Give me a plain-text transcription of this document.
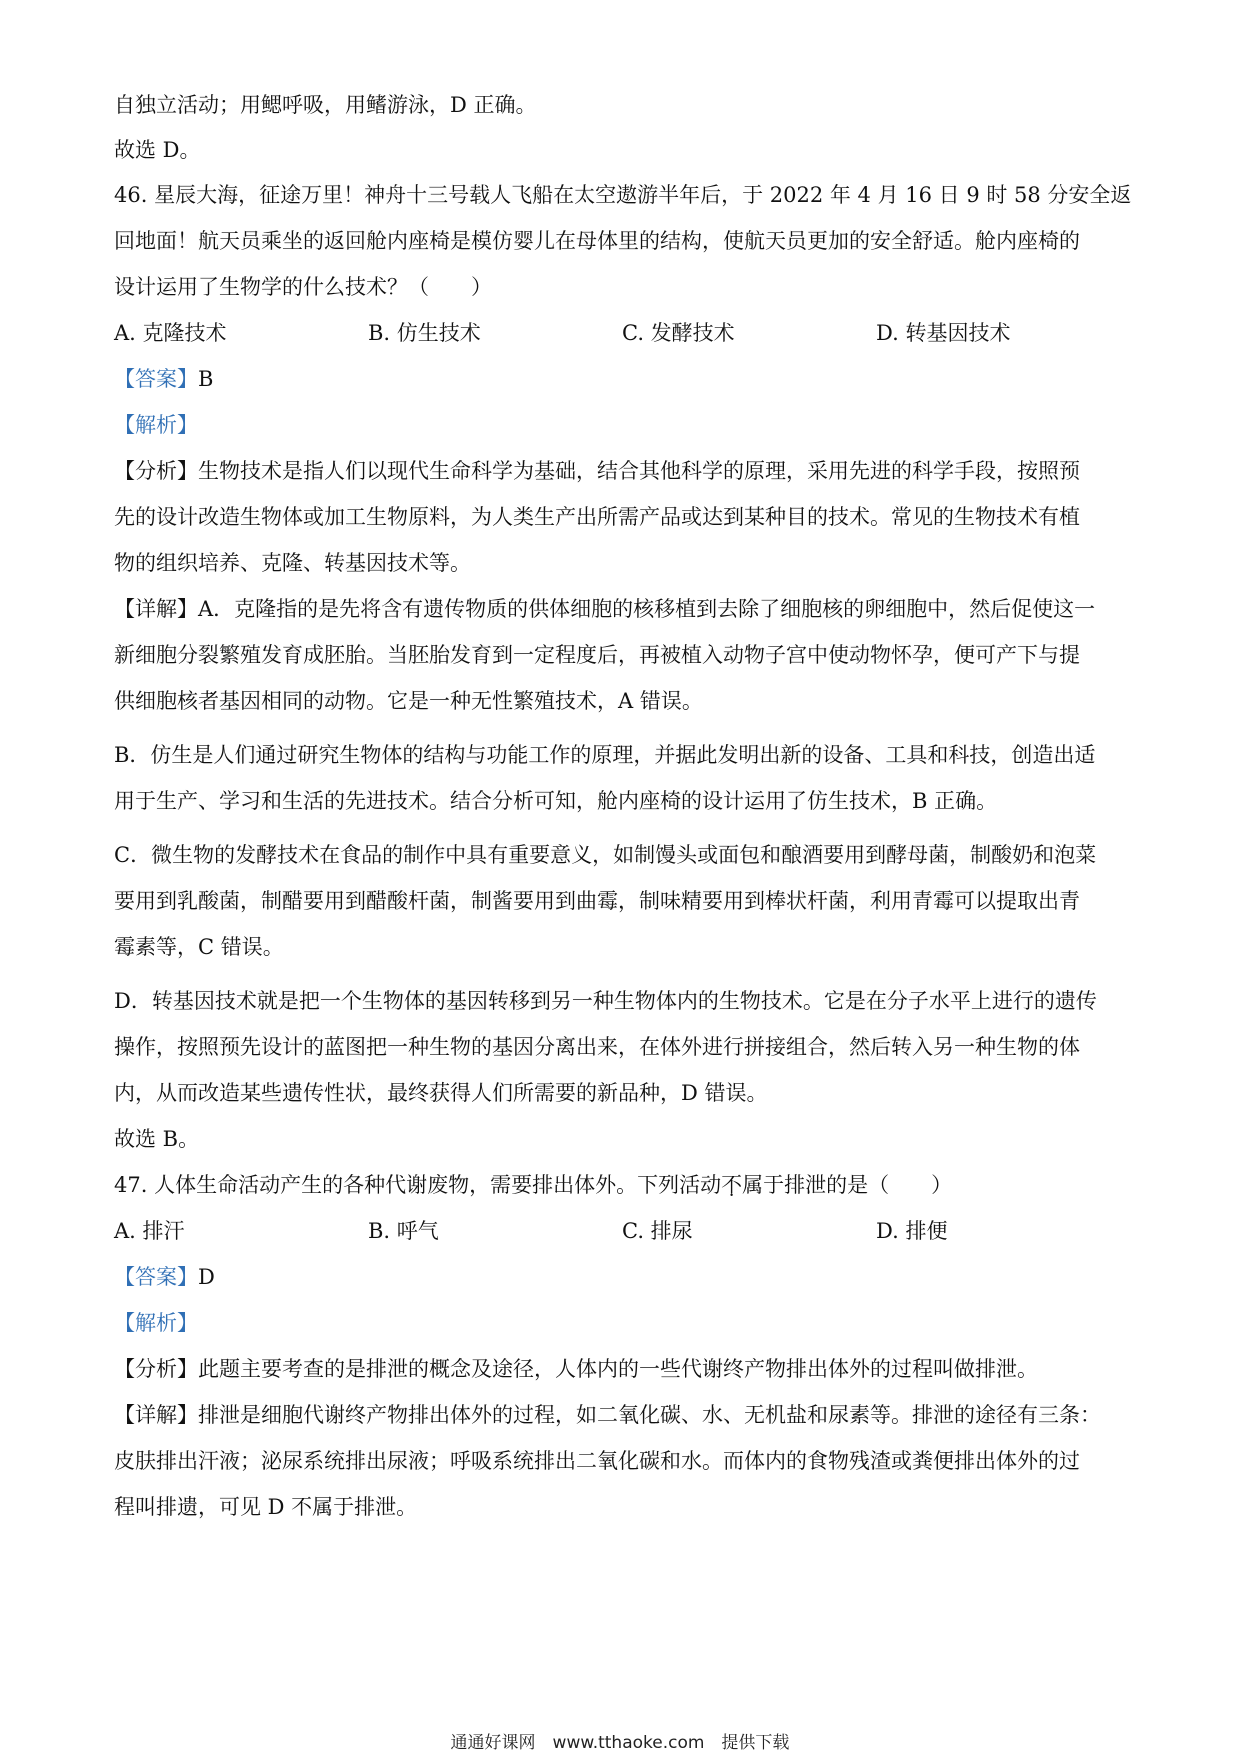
自独立活动；用鳃呼吸，用鳍游泳，D 正确。
故选 D。
46. 星辰大海，征途万里！神舟十三号载人飞船在太空遨游半年后，于 2022 年 4 月 16 日 9 时 58 分安全返
回地面！航天员乘坐的返回舱内座椅是模仿婴儿在母体里的结构，使航天员更加的安全舒适。舱内座椅的
设计运用了生物学的什么技术？（　　）
A. 克隆技术	B. 仿生技术	C. 发酵技术	D. 转基因技术
【答案】B
【解析】
【分析】生物技术是指人们以现代生命科学为基础，结合其他科学的原理，采用先进的科学手段，按照预
先的设计改造生物体或加工生物原料，为人类生产出所需产品或达到某种目的技术。常见的生物技术有植
物的组织培养、克隆、转基因技术等。
【详解】A．克隆指的是先将含有遗传物质的供体细胞的核移植到去除了细胞核的卵细胞中，然后促使这一
新细胞分裂繁殖发育成胚胎。当胚胎发育到一定程度后，再被植入动物子宫中使动物怀孕，便可产下与提
供细胞核者基因相同的动物。它是一种无性繁殖技术，A 错误。
B．仿生是人们通过研究生物体的结构与功能工作的原理，并据此发明出新的设备、工具和科技，创造出适
用于生产、学习和生活的先进技术。结合分析可知，舱内座椅的设计运用了仿生技术，B 正确。
C．微生物的发酵技术在食品的制作中具有重要意义，如制馒头或面包和酿酒要用到酵母菌，制酸奶和泡菜
要用到乳酸菌，制醋要用到醋酸杆菌，制酱要用到曲霉，制味精要用到棒状杆菌，利用青霉可以提取出青
霉素等，C 错误。
D．转基因技术就是把一个生物体的基因转移到另一种生物体内的生物技术。它是在分子水平上进行的遗传
操作，按照预先设计的蓝图把一种生物的基因分离出来，在体外进行拼接组合，然后转入另一种生物的体
内，从而改造某些遗传性状，最终获得人们所需要的新品种，D 错误。
故选 B。
47. 人体生命活动产生的各种代谢废物，需要排出体外。下列活动不属于排泄的是（　　）
A. 排汗	B. 呼气	C. 排尿	D. 排便
【答案】D
【解析】
【分析】此题主要考查的是排泄的概念及途径，人体内的一些代谢终产物排出体外的过程叫做排泄。
【详解】排泄是细胞代谢终产物排出体外的过程，如二氧化碳、水、无机盐和尿素等。排泄的途径有三条：
皮肤排出汗液；泌尿系统排出尿液；呼吸系统排出二氧化碳和水。而体内的食物残渣或粪便排出体外的过
程叫排遗，可见 D 不属于排泄。
通通好课网　www.tthaoke.com　提供下载
